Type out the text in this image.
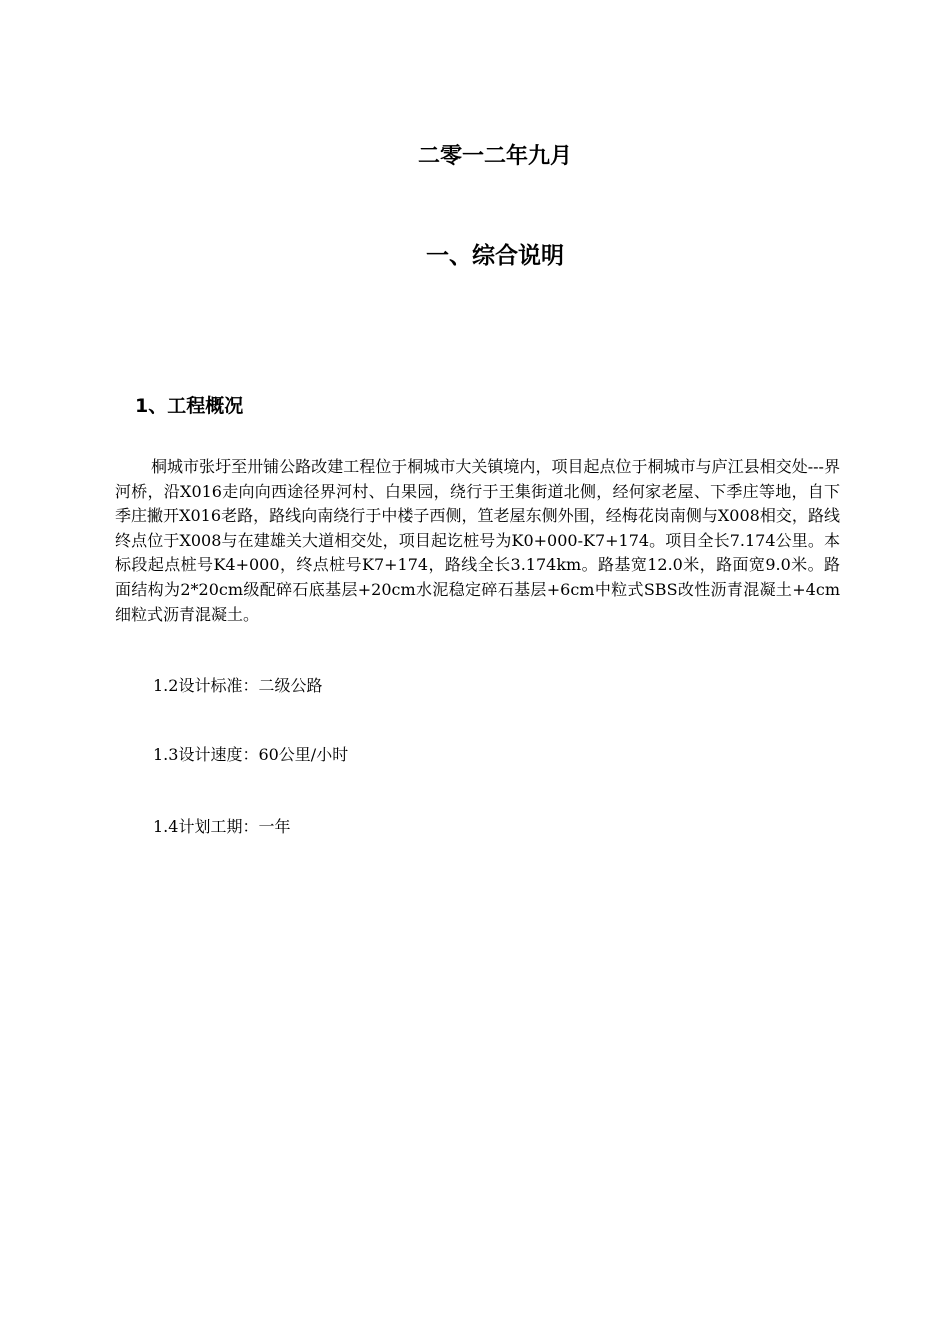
二零一二年九月
一、综合说明
1、工程概况

桐城市张圩至卅铺公路改建工程位于桐城市大关镇境内，项目起点位于桐城市与庐江县相交处---界河桥，沿X016走向向西途径界河村、白果园，绕行于王集街道北侧，经何家老屋、下季庄等地，自下季庄撇开X016老路，路线向南绕行于中楼子西侧，笪老屋东侧外围，经梅花岗南侧与X008相交，路线终点位于X008与在建雄关大道相交处，项目起讫桩号为K0+000-K7+174。项目全长7.174公里。本标段起点桩号K4+000，终点桩号K7+174，路线全长3.174km。路基宽12.0米，路面宽9.0米。路面结构为2*20cm级配碎石底基层+20cm水泥稳定碎石基层+6cm中粒式SBS改性沥青混凝土+4cm细粒式沥青混凝土。

1.2设计标准：二级公路
1.3设计速度：60公里/小时
1.4计划工期：一年
